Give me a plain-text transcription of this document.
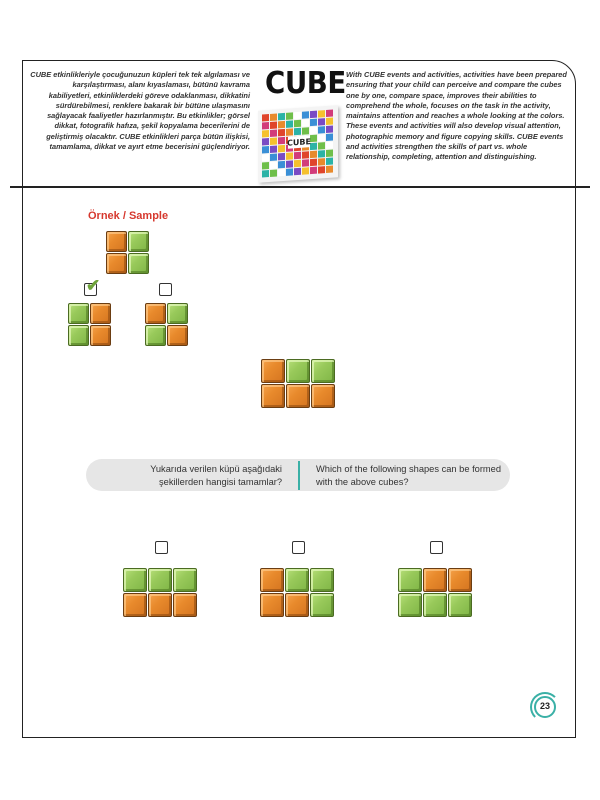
CUBE etkinlikleriyle çocuğunuzun küpleri tek tek algılaması ve karşılaştırması, alanı kıyaslaması, bütünü kavrama kabiliyetleri, etkinliklerdeki göreve odaklanması, dikkatini sürdürebilmesi, renklere bakarak bir bütüne ulaşmasını sağlayacak faaliyetler hazırlanmıştır. Bu etkinlikler; görsel dikkat, fotografik hafıza, şekil kopyalama becerilerini de geliştirmiş olacaktır. CUBE etkinlikleri parça bütün ilişkisi, tamamlama, dikkat ve ayırt etme becerisini güçlendiriyor.
CUBE
CUBE
With CUBE events and activities, activities have been prepared ensuring that your child can perceive and compare the cubes one by one, compare space, improves their abilities to comprehend the whole, focuses on the task in the activity, maintains attention and reaches a whole looking at the colors. These events and activities will also develop visual attention, photographic memory and figure copying skills. CUBE events and activities strengthen the skills of part vs. whole relationship, completing, attention and distinguishing.
Örnek / Sample
✔
Yukarıda verilen küpü aşağıdaki şekillerden hangisi tamamlar?
Which of the following shapes can be formed with the above cubes?
23
